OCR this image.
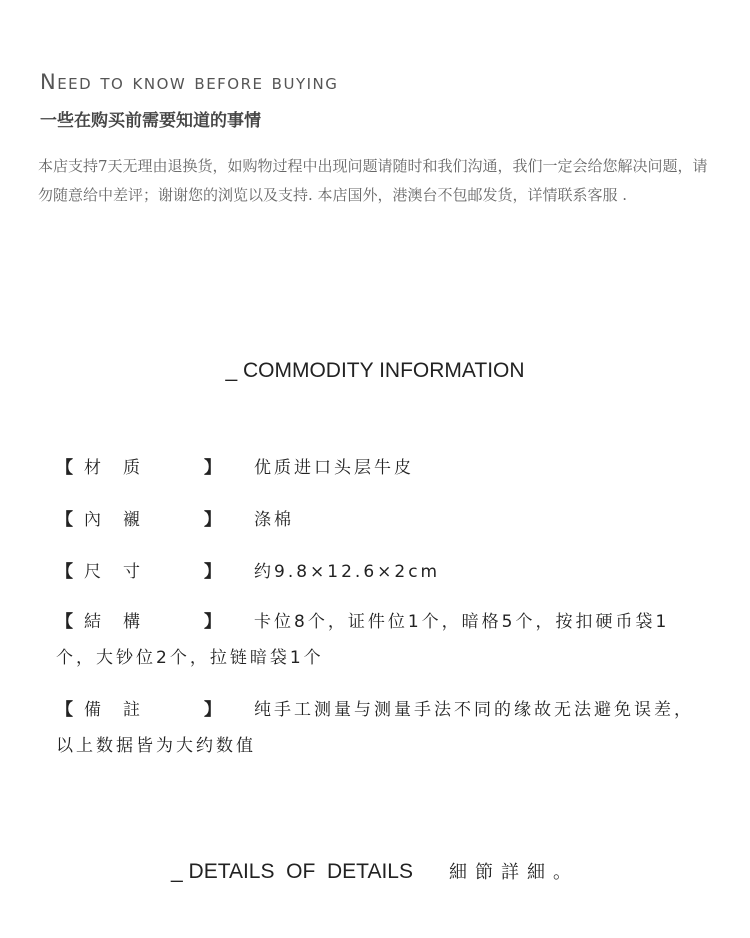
Need to know before buying
一些在购买前需要知道的事情
本店支持7天无理由退换货，如购物过程中出现问题请随时和我们沟通，我们一定会给您解决问题，请勿随意给中差评；谢谢您的浏览以及支持. 本店国外，港澳台不包邮发货，详情联系客服 .
_ COMMODITY INFORMATION
【 材质 】 优质进口头层牛皮
【 內襯 】 涤棉
【 尺寸 】 约9.8×12.6×2cm
【 結構 】 卡位8个，证件位1个，暗格5个，按扣硬币袋1个，大钞位2个，拉链暗袋1个
【 備註 】 纯手工测量与测量手法不同的缘故无法避免误差，以上数据皆为大约数值
_ DETAILS  OF  DETAILS 細節詳細。
